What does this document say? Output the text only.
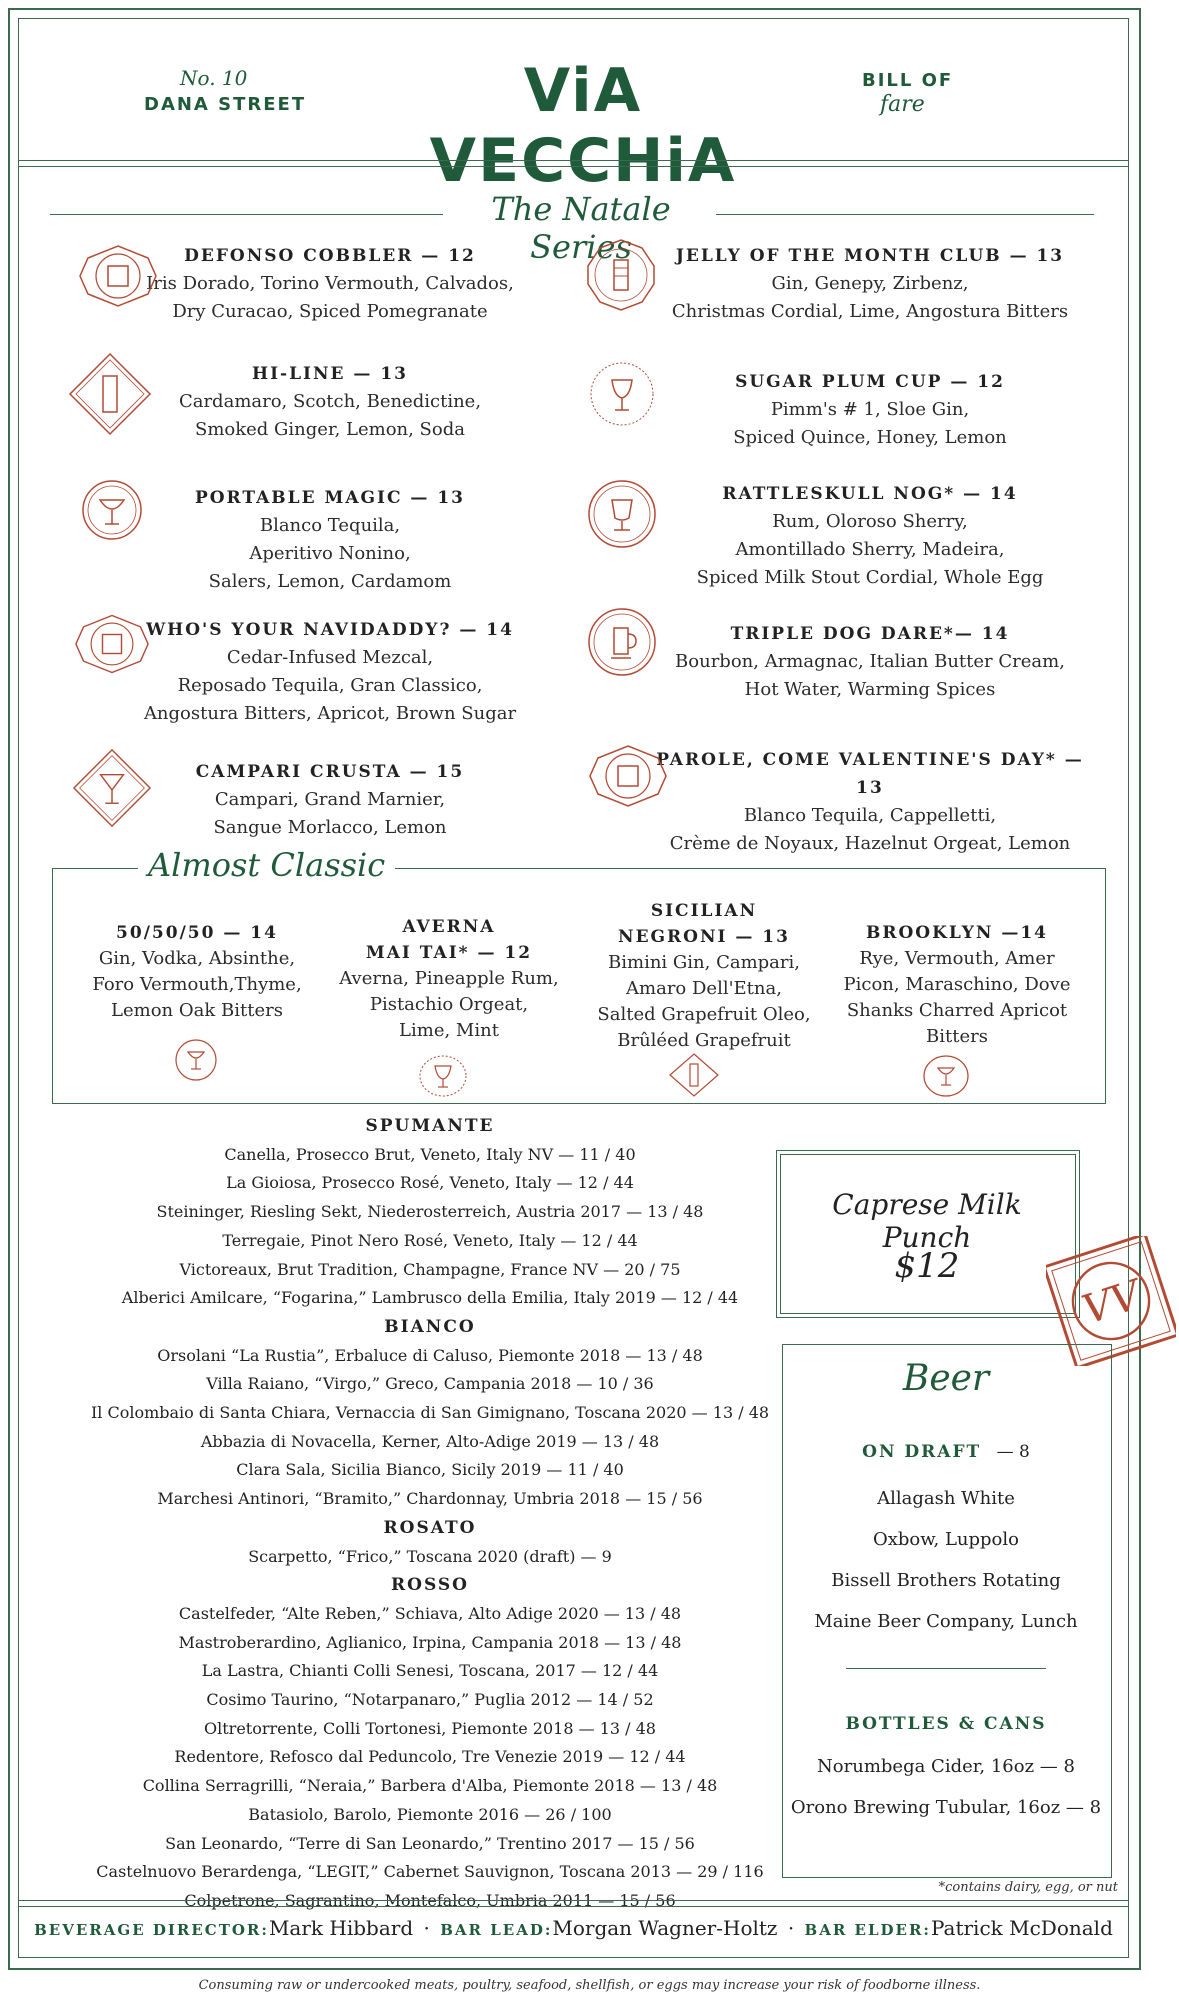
No. 10
DANA STREET	ViA VECCHiA
BILL OF
fare
The Natale Series
DEFONSO COBBLER — 12
Iris Dorado, Torino Vermouth, Calvados,
Dry Curacao, Spiced Pomegranate
HI-LINE — 13
Cardamaro, Scotch, Benedictine,
Smoked Ginger, Lemon, Soda
PORTABLE MAGIC — 13
Blanco Tequila,
Aperitivo Nonino,
Salers, Lemon, Cardamom
WHO'S YOUR NAVIDADDY? — 14
Cedar-Infused Mezcal,
Reposado Tequila, Gran Classico,
Angostura Bitters, Apricot, Brown Sugar
CAMPARI CRUSTA — 15
Campari, Grand Marnier,
Sangue Morlacco, Lemon
JELLY OF THE MONTH CLUB — 13
Gin, Genepy, Zirbenz,
Christmas Cordial, Lime, Angostura Bitters
SUGAR PLUM CUP — 12
Pimm's # 1, Sloe Gin,
Spiced Quince, Honey, Lemon
RATTLESKULL NOG* — 14
Rum, Oloroso Sherry,
Amontillado Sherry, Madeira,
Spiced Milk Stout Cordial, Whole Egg
TRIPLE DOG DARE*— 14
Bourbon, Armagnac, Italian Butter Cream,
Hot Water, Warming Spices
PAROLE, COME VALENTINE'S DAY* — 13
Blanco Tequila, Cappelletti,
Crème de Noyaux, Hazelnut Orgeat, Lemon
Almost Classic
50/50/50 — 14
Gin, Vodka, Absinthe,
Foro Vermouth,Thyme,
Lemon Oak Bitters
AVERNA
MAI TAI* — 12
Averna, Pineapple Rum,
Pistachio Orgeat,
Lime, Mint
SICILIAN
NEGRONI — 13
Bimini Gin, Campari,
Amaro Dell'Etna,
Salted Grapefruit Oleo,
Brûléed Grapefruit
BROOKLYN —14
Rye, Vermouth, Amer
Picon, Maraschino, Dove
Shanks Charred Apricot
Bitters
SPUMANTE
Canella, Prosecco Brut, Veneto, Italy NV — 11 / 40
La Gioiosa, Prosecco Rosé, Veneto, Italy — 12 / 44
Steininger, Riesling Sekt, Niederosterreich, Austria 2017 — 13 / 48
Terregaie, Pinot Nero Rosé, Veneto, Italy — 12 / 44
Victoreaux, Brut Tradition, Champagne, France NV — 20 / 75
Alberici Amilcare, “Fogarina,” Lambrusco della Emilia, Italy 2019 — 12 / 44
BIANCO
Orsolani “La Rustia”, Erbaluce di Caluso, Piemonte 2018 — 13 / 48
Villa Raiano, “Virgo,” Greco, Campania 2018 — 10 / 36
Il Colombaio di Santa Chiara, Vernaccia di San Gimignano, Toscana 2020 — 13 / 48
Abbazia di Novacella, Kerner, Alto-Adige 2019 — 13 / 48
Clara Sala, Sicilia Bianco, Sicily 2019 — 11 / 40
Marchesi Antinori, “Bramito,” Chardonnay, Umbria 2018 — 15 / 56
ROSATO
Scarpetto, “Frico,” Toscana 2020 (draft) — 9
ROSSO
Castelfeder, “Alte Reben,” Schiava, Alto Adige 2020 — 13 / 48
Mastroberardino, Aglianico, Irpina, Campania 2018 — 13 / 48
La Lastra, Chianti Colli Senesi, Toscana, 2017 — 12 / 44
Cosimo Taurino, “Notarpanaro,” Puglia 2012 — 14 / 52
Oltretorrente, Colli Tortonesi, Piemonte 2018 — 13 / 48
Redentore, Refosco dal Peduncolo, Tre Venezie 2019 — 12 / 44
Collina Serragrilli, “Neraia,” Barbera d'Alba, Piemonte 2018 — 13 / 48
Batasiolo, Barolo, Piemonte 2016 — 26 / 100
San Leonardo, “Terre di San Leonardo,” Trentino 2017 — 15 / 56
Castelnuovo Berardenga, “LEGIT,” Cabernet Sauvignon, Toscana 2013 — 29 / 116
Colpetrone, Sagrantino, Montefalco, Umbria 2011 — 15 / 56
Caprese Milk Punch
$12
VV
Beer
ON DRAFT — 8
Allagash White
Oxbow, Luppolo
Bissell Brothers Rotating
Maine Beer Company, Lunch
BOTTLES & CANS
Norumbega Cider, 16oz — 8
Orono Brewing Tubular, 16oz — 8
*contains dairy, egg, or nut
BEVERAGE DIRECTOR:Mark Hibbard · BAR LEAD:Morgan Wagner-Holtz · BAR ELDER:Patrick McDonald
Consuming raw or undercooked meats, poultry, seafood, shellfish, or eggs may increase your risk of foodborne illness.
